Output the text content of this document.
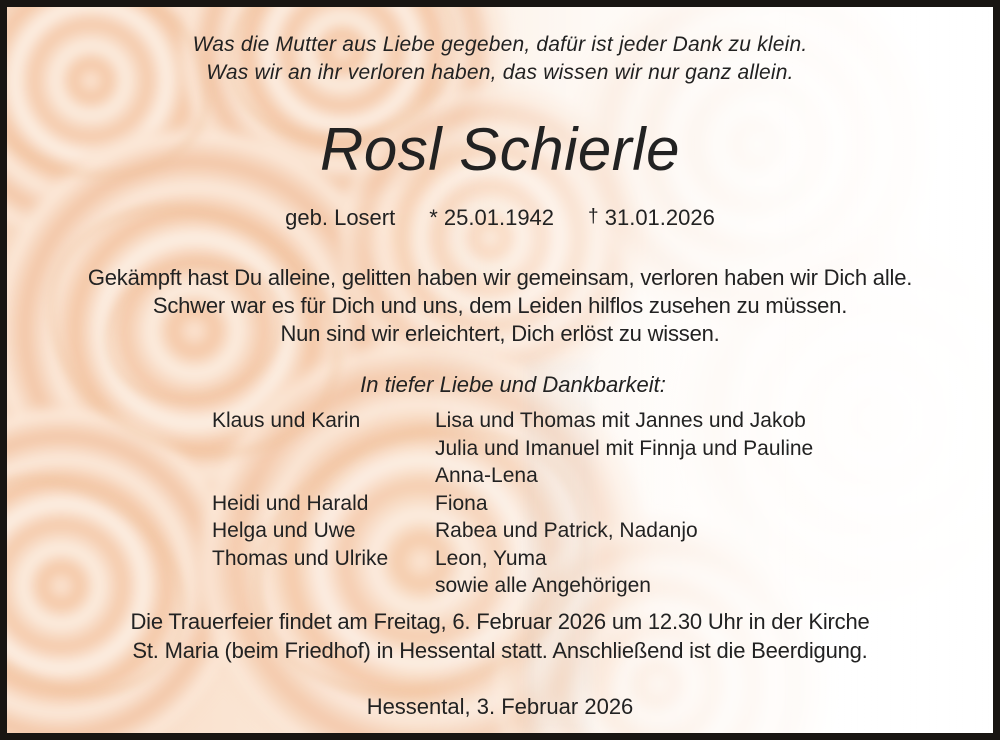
Was die Mutter aus Liebe gegeben, dafür ist jeder Dank zu klein.
Was wir an ihr verloren haben, das wissen wir nur ganz allein.
Rosl Schierle
geb. Losert * 25.01.1942 † 31.01.2026
Gekämpft hast Du alleine, gelitten haben wir gemeinsam, verloren haben wir Dich alle.
Schwer war es für Dich und uns, dem Leiden hilflos zusehen zu müssen.
Nun sind wir erleichtert, Dich erlöst zu wissen.
In tiefer Liebe und Dankbarkeit:
Klaus und Karin	Lisa und Thomas mit Jannes und Jakob
Julia und Imanuel mit Finnja und Pauline
Anna-Lena
Heidi und Harald	Fiona
Helga und Uwe	Rabea und Patrick, Nadanjo
Thomas und Ulrike	Leon, Yuma
sowie alle Angehörigen
Die Trauerfeier findet am Freitag, 6. Februar 2026 um 12.30 Uhr in der Kirche
St. Maria (beim Friedhof) in Hessental statt. Anschließend ist die Beerdigung.
Hessental, 3. Februar 2026
